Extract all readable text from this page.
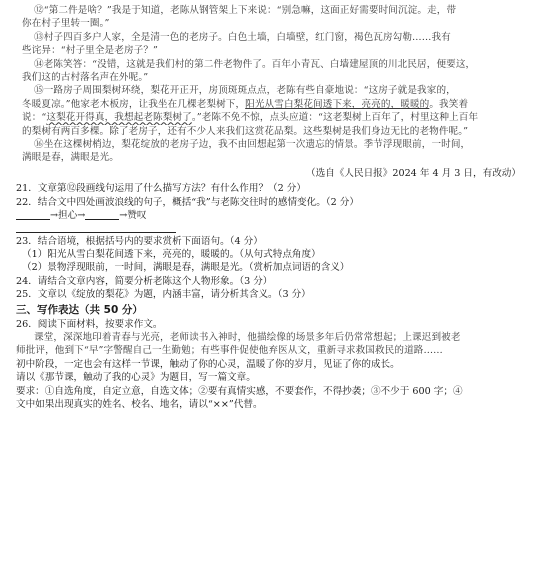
⑫“第二件是啥？”我是于知道，老陈从钢管架上下来说：“别急嘛，这面正好需要时间沉淀。走，带
你在村子里转一圈。”
⑬村子四百多户人家，全是清一色的老房子。白色土墙，白墙壁，红门窗，褐色瓦房勾勒……我有
些诧异：“村子里全是老房子？”
⑭老陈笑答：“没错，这就是我们村的第二件老物件了。百年小青瓦、白墙建屋顶的川北民居，便要这，
我们这的古村落名声在外呢。”
⑮一路房子周围梨树环绕，梨花开正开，房顶斑斑点点，老陈有些自豪地说：“这房子就是我家的，
冬暖夏凉。”他家老木板房，让我坐在几棵老梨树下，阳光从雪白梨花间透下来，亮亮的，暖暖的。我笑着
说：“这梨花开得真，我想起老陈梨树了。”老陈不免不惊，点头应道：“这老梨树上百年了，村里这种上百年
的梨树有两百多棵。除了老房子，还有不少人来我们这赏花品梨。这些梨树是我们身边无比的老物件呢。”
⑯坐在这棵树梢边，梨花绽放的老房子边，我不由回想起第一次遗忘的情景。季节浮现眼前，一时间，
满眼是春，满眼是光。
（选自《人民日报》2024 年 4 月 3 日，有改动）
21．文章第⑫段画线句运用了什么描写方法？有什么作用？（2 分）
22．结合文中四处画波浪线的句子，概括“我”与老陈交往时的感情变化。（2 分）
→担心→	→赞叹
23．结合语境，根据括号内的要求赏析下面语句。（4 分）
（1）阳光从雪白梨花间透下来，亮亮的，暖暖的。（从句式特点角度）
（2）景物浮现眼前，一时间，满眼是春，满眼是光。（赏析加点词语的含义）
24．请结合文章内容，简要分析老陈这个人物形象。（3 分）
25．文章以《绽放的梨花》为题，内涵丰富，请分析其含义。（3 分）
三、写作表达（共 50 分）
26．阅读下面材料，按要求作文。
课堂，深深地印着青春与光亮，老师读书入神时，他描绘像的场景多年后仍常常想起；上课迟到被老
师批评，他到下“早”字警醒自己一生勤勉；有些事件促使他弃医从文，重新寻求救国救民的道路……
初中阶段，一定也会有这样一节课，触动了你的心灵，温暖了你的岁月，见证了你的成长。
请以《那节课，触动了我的心灵》为题目，写一篇文章。
要求：①自选角度，自定立意，自选文体；②要有真情实感，不要套作，不得抄袭；③不少于 600 字；④
文中如果出现真实的姓名、校名、地名，请以“××”代替。
